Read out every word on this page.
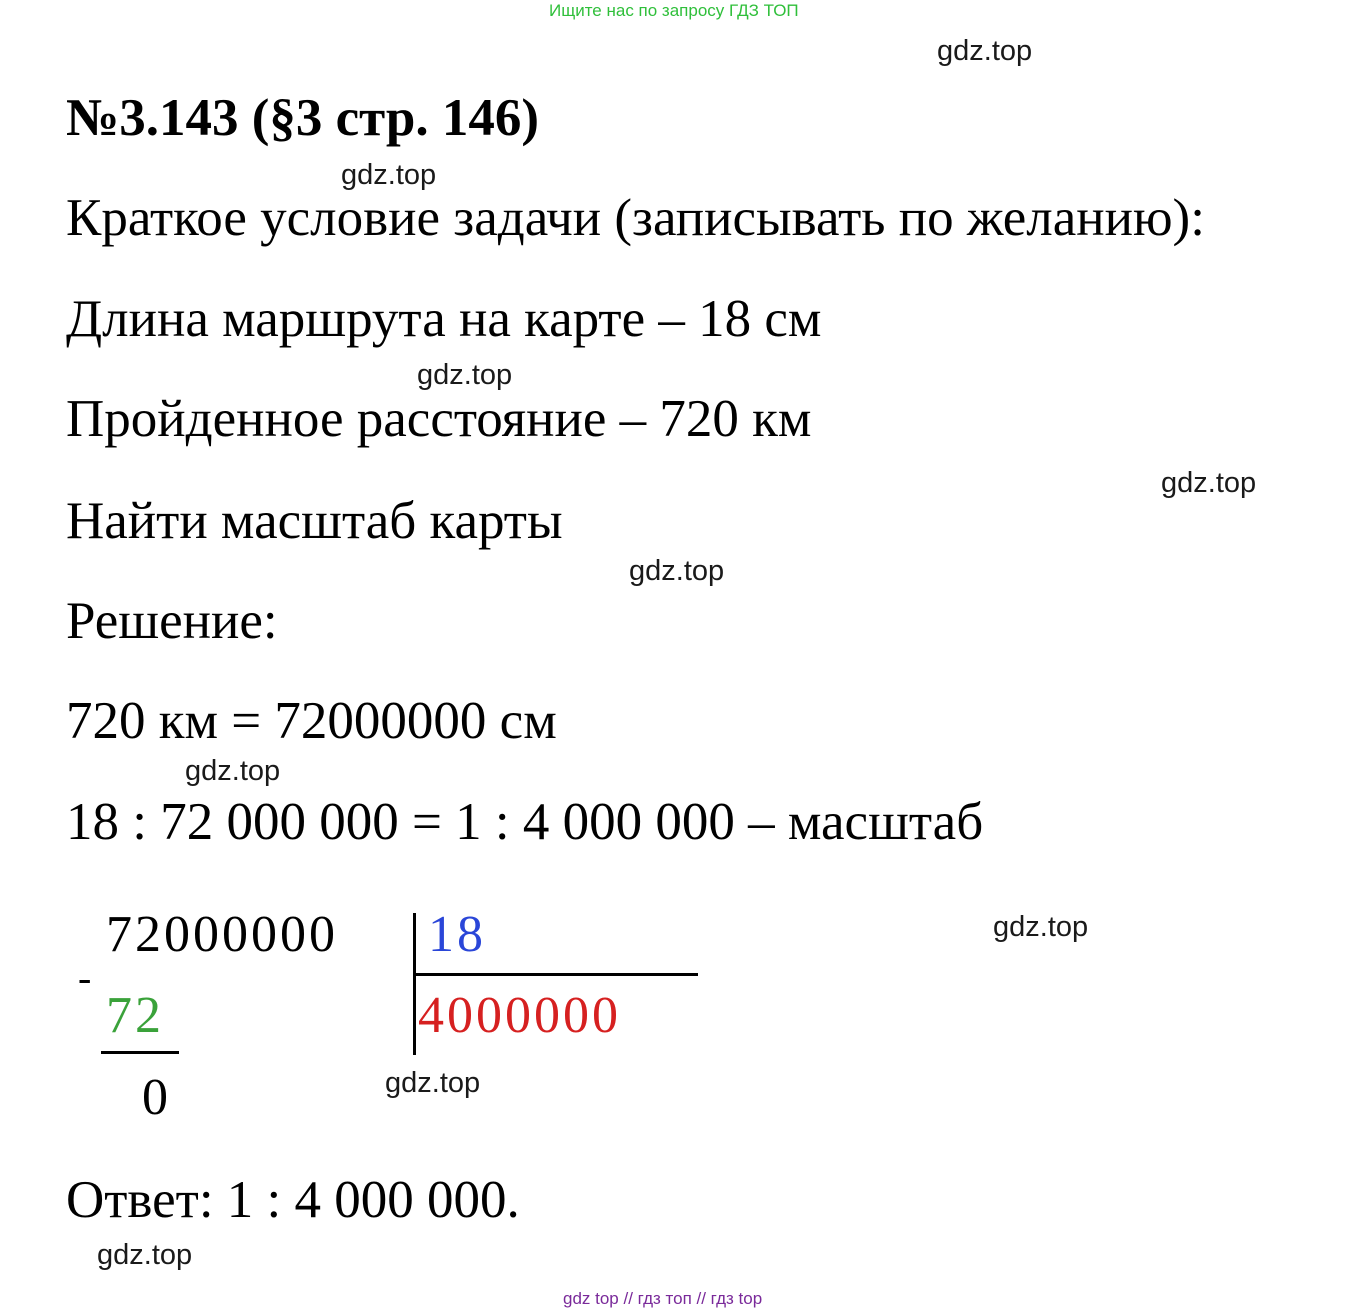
Ищите нас по запросу ГДЗ ТОП
№3.143 (§3 стр. 146)
Краткое условие задачи (записывать по желанию):
Длина маршрута на карте – 18 см
Пройденное расстояние – 720 км
Найти масштаб карты
Решение:
720 км = 72000000 см
18 : 72 000 000 = 1 : 4 000 000 – масштаб
72000000 18
-
72	4000000
0
Ответ: 1 : 4 000 000.
gdz.top
gdz.top
gdz.top
gdz.top
gdz.top
gdz.top
gdz.top
gdz.top
gdz.top
gdz top // гдз топ // гдз top
